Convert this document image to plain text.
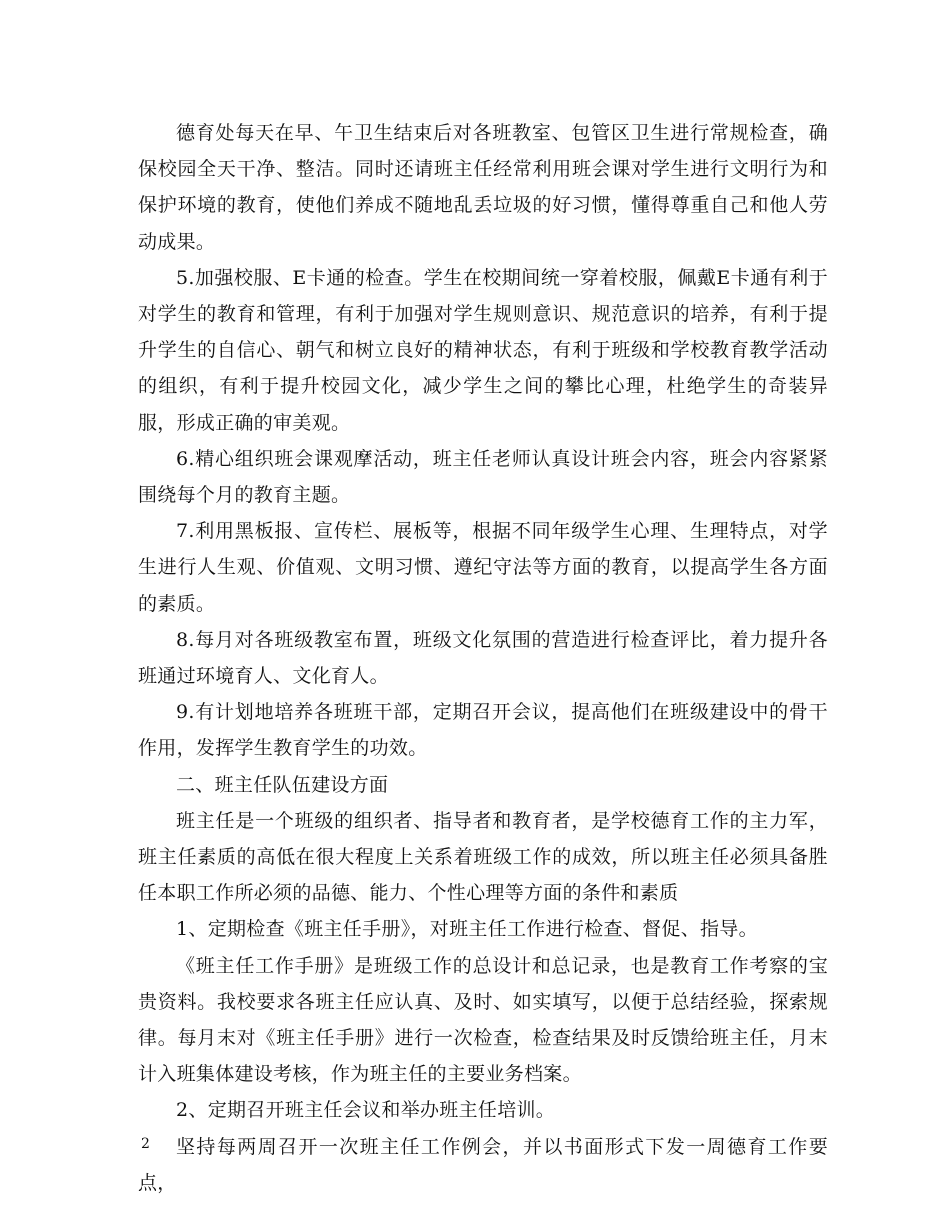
德育处每天在早、午卫生结束后对各班教室、包管区卫生进行常规检查，确保校园全天干净、整洁。同时还请班主任经常利用班会课对学生进行文明行为和保护环境的教育，使他们养成不随地乱丢垃圾的好习惯，懂得尊重自己和他人劳动成果。

5.加强校服、E卡通的检查。学生在校期间统一穿着校服，佩戴E卡通有利于对学生的教育和管理，有利于加强对学生规则意识、规范意识的培养，有利于提升学生的自信心、朝气和树立良好的精神状态，有利于班级和学校教育教学活动的组织，有利于提升校园文化，减少学生之间的攀比心理，杜绝学生的奇装异服，形成正确的审美观。

6.精心组织班会课观摩活动，班主任老师认真设计班会内容，班会内容紧紧围绕每个月的教育主题。

7.利用黑板报、宣传栏、展板等，根据不同年级学生心理、生理特点，对学生进行人生观、价值观、文明习惯、遵纪守法等方面的教育，以提高学生各方面的素质。

8.每月对各班级教室布置，班级文化氛围的营造进行检查评比，着力提升各班通过环境育人、文化育人。

9.有计划地培养各班班干部，定期召开会议，提高他们在班级建设中的骨干作用，发挥学生教育学生的功效。

二、班主任队伍建设方面

班主任是一个班级的组织者、指导者和教育者，是学校德育工作的主力军，班主任素质的高低在很大程度上关系着班级工作的成效，所以班主任必须具备胜任本职工作所必须的品德、能力、个性心理等方面的条件和素质

1、定期检查《班主任手册》，对班主任工作进行检查、督促、指导。

《班主任工作手册》是班级工作的总设计和总记录，也是教育工作考察的宝贵资料。我校要求各班主任应认真、及时、如实填写，以便于总结经验，探索规律。每月末对《班主任手册》进行一次检查，检查结果及时反馈给班主任，月末计入班集体建设考核，作为班主任的主要业务档案。

2、定期召开班主任会议和举办班主任培训。

坚持每两周召开一次班主任工作例会，并以书面形式下发一周德育工作要点，

2
